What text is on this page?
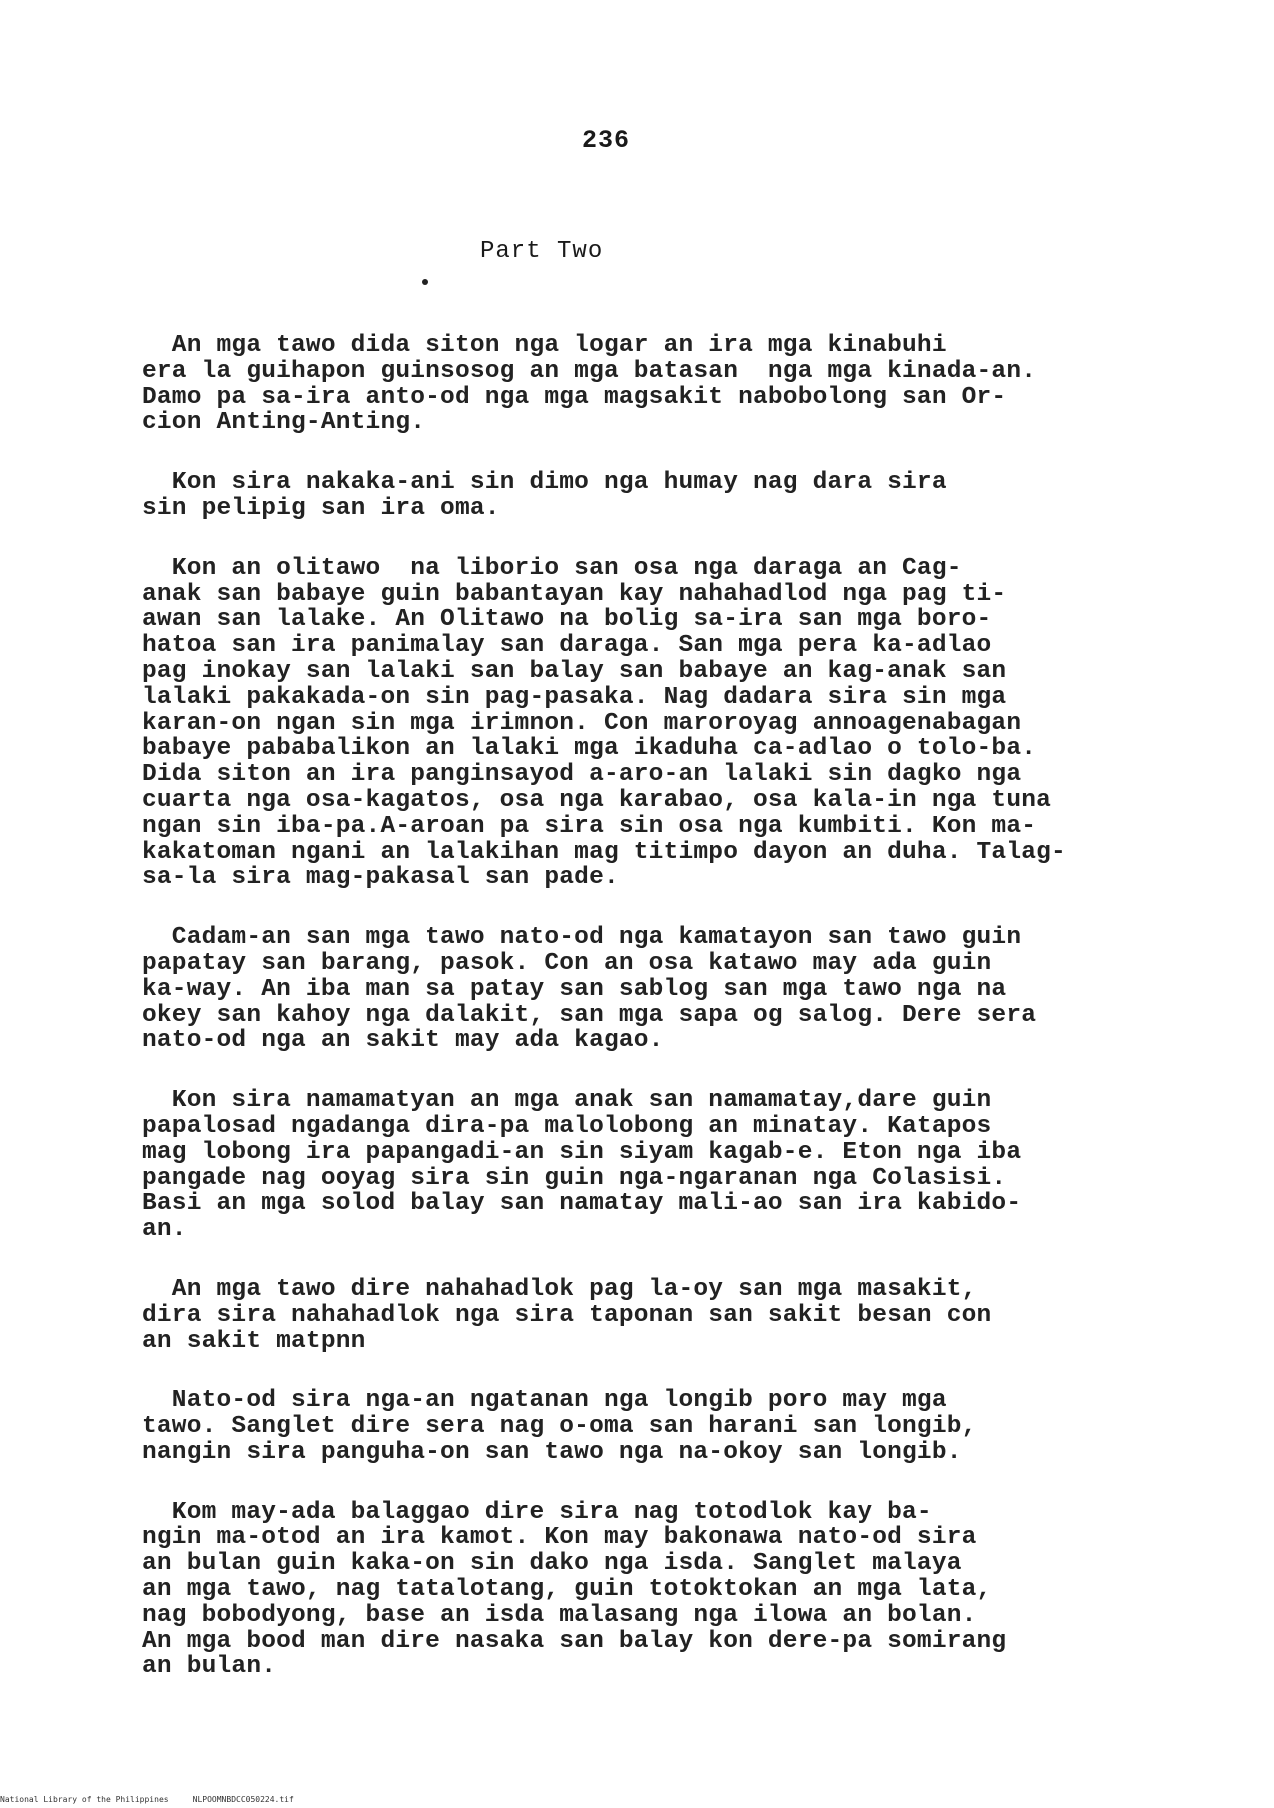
236
Part Two
An mga tawo dida siton nga logar an ira mga kinabuhi
era la guihapon guinsosog an mga batasan  nga mga kinada-an.
Damo pa sa-ira anto-od nga mga magsakit nabobolong san Or-
cion Anting-Anting.
Kon sira nakaka-ani sin dimo nga humay nag dara sira
sin pelipig san ira oma.
Kon an olitawo  na liborio san osa nga daraga an Cag-
anak san babaye guin babantayan kay nahahadlod nga pag ti-
awan san lalake. An Olitawo na bolig sa-ira san mga boro-
hatoa san ira panimalay san daraga. San mga pera ka-adlao
pag inokay san lalaki san balay san babaye an kag-anak san
lalaki pakakada-on sin pag-pasaka. Nag dadara sira sin mga
karan-on ngan sin mga irimnon. Con maroroyag annoagenabagan
babaye pababalikon an lalaki mga ikaduha ca-adlao o tolo-ba.
Dida siton an ira panginsayod a-aro-an lalaki sin dagko nga
cuarta nga osa-kagatos, osa nga karabao, osa kala-in nga tuna
ngan sin iba-pa.A-aroan pa sira sin osa nga kumbiti. Kon ma-
kakatoman ngani an lalakihan mag titimpo dayon an duha. Talag-
sa-la sira mag-pakasal san pade.
Cadam-an san mga tawo nato-od nga kamatayon san tawo guin
papatay san barang, pasok. Con an osa katawo may ada guin
ka-way. An iba man sa patay san sablog san mga tawo nga na
okey san kahoy nga dalakit, san mga sapa og salog. Dere sera
nato-od nga an sakit may ada kagao.
Kon sira namamatyan an mga anak san namamatay,dare guin
papalosad ngadanga dira-pa malolobong an minatay. Katapos
mag lobong ira papangadi-an sin siyam kagab-e. Eton nga iba
pangade nag ooyag sira sin guin nga-ngaranan nga Colasisi.
Basi an mga solod balay san namatay mali-ao san ira kabido-
an.
An mga tawo dire nahahadlok pag la-oy san mga masakit,
dira sira nahahadlok nga sira taponan san sakit besan con
an sakit matpnn
Nato-od sira nga-an ngatanan nga longib poro may mga
tawo. Sanglet dire sera nag o-oma san harani san longib,
nangin sira panguha-on san tawo nga na-okoy san longib.
Kom may-ada balaggao dire sira nag totodlok kay ba-
ngin ma-otod an ira kamot. Kon may bakonawa nato-od sira
an bulan guin kaka-on sin dako nga isda. Sanglet malaya
an mga tawo, nag tatalotang, guin totoktokan an mga lata,
nag bobodyong, base an isda malasang nga ilowa an bolan.
An mga bood man dire nasaka san balay kon dere-pa somirang
an bulan.
National Library of the Philippines     NLPOOMNBDCC050224.tif
